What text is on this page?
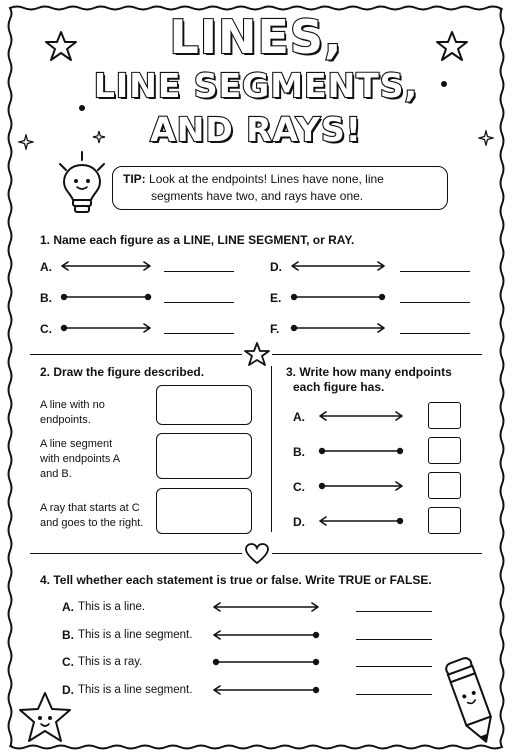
LINES,
LINE SEGMENTS,
AND RAYS!
TIP: Look at the endpoints! Lines have none, line
segments have two, and rays have one.
1. Name each figure as a LINE, LINE SEGMENT, or RAY.
A.
B.
C.
D.
E.
F.
2. Draw the figure described.
A line with no endpoints.
A line segment with endpoints A and B.
A ray that starts at C and goes to the right.
3. Write how many endpoints
each figure has.
A.
B.
C.
D.
4. Tell whether each statement is true or false. Write TRUE or FALSE.
A.
B.
C.
D.
This is a line.
This is a line segment.
This is a ray.
This is a line segment.
